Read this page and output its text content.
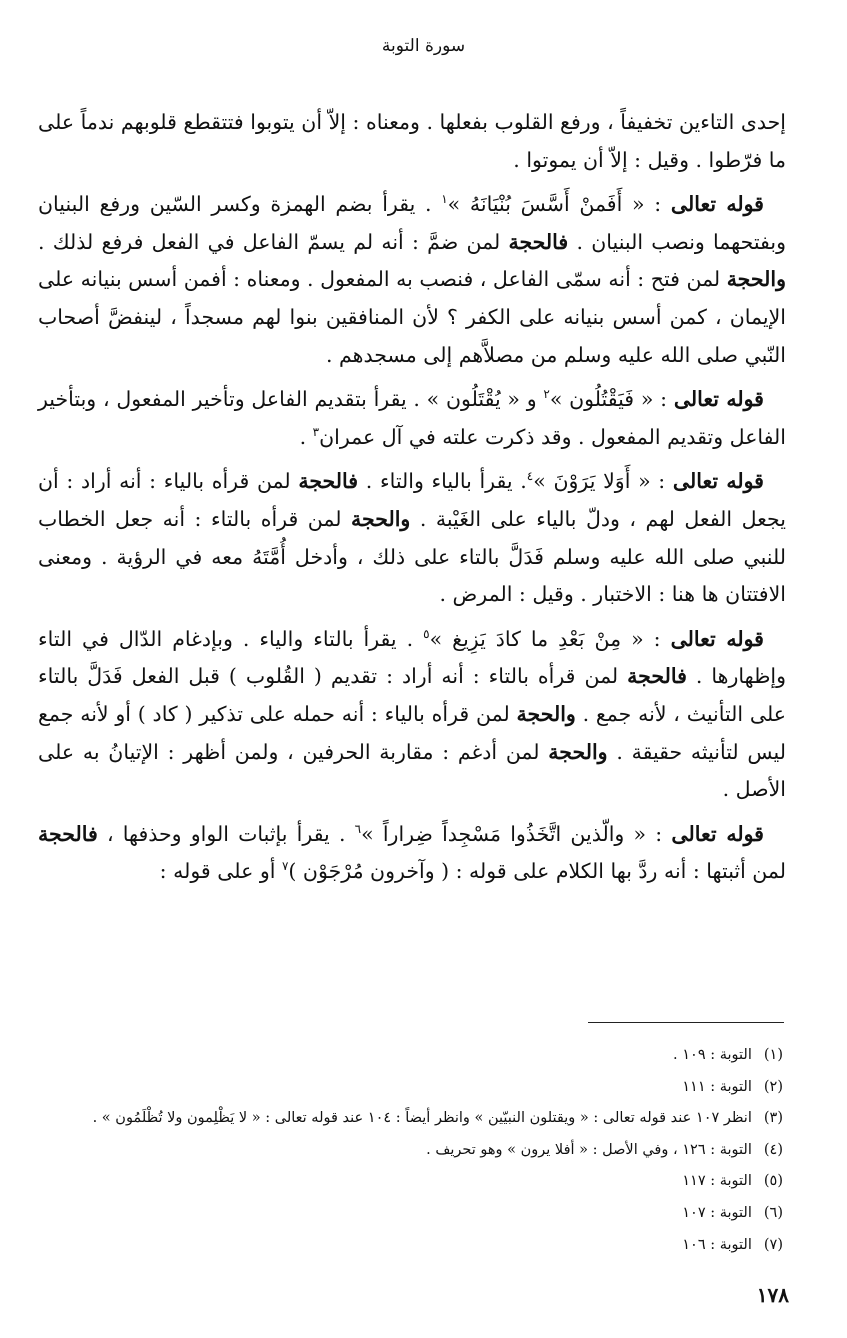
سورة التوبة

إحدى التاءين تخفيفاً ، ورفع القلوب بفعلها . ومعناه : إلاّ أن يتوبوا فتتقطع قلوبهم ندماً على ما فرّطوا . وقيل : إلاّ أن يموتوا .

قوله تعالى : « أَفَمنْ أَسَّسَ بُنْيَانَهُ »$^١$ . يقرأ بضم الهمزة وكسر السّين ورفع البنيان وبفتحهما ونصب البنيان . فالحجة لمن ضمَّ : أنه لم يسمّ الفاعل في الفعل فرفع لذلك . والحجة لمن فتح : أنه سمّى الفاعل ، فنصب به المفعول . ومعناه : أفمن أسس بنيانه على الإيمان ، كمن أسس بنيانه على الكفر ؟ لأن المنافقين بنوا لهم مسجداً ، لينفضَّ أصحاب النّبي صلى الله عليه وسلم من مصلاَّهم إلى مسجدهم .

قوله تعالى : « فَيَقْتُلُون »$^٢$ و « يُقْتَلُون » . يقرأ بتقديم الفاعل وتأخير المفعول ، وبتأخير الفاعل وتقديم المفعول . وقد ذكرت علته في آل عمران$^٣$ .

قوله تعالى : « أَوَلا يَرَوْنَ »$^٤$. يقرأ بالياء والتاء . فالحجة لمن قرأه بالياء : أنه أراد : أن يجعل الفعل لهم ، ودلّ بالياء على الغَيْبة . والحجة لمن قرأه بالتاء : أنه جعل الخطاب للنبي صلى الله عليه وسلم فَدَلَّ بالتاء على ذلك ، وأدخل أُمَّتَهُ معه في الرؤية . ومعنى الافتتان ها هنا : الاختبار . وقيل : المرض .

قوله تعالى : « مِنْ بَعْدِ ما كادَ يَزِيغ »$^٥$ . يقرأ بالتاء والياء . وبإدغام الدّال في التاء وإظهارها . فالحجة لمن قرأه بالتاء : أنه أراد : تقديم ( القُلوب ) قبل الفعل فَدَلَّ بالتاء على التأنيث ، لأنه جمع . والحجة لمن قرأه بالياء : أنه حمله على تذكير ( كاد ) أو لأنه جمع ليس لتأنيثه حقيقة . والحجة لمن أدغم : مقاربة الحرفين ، ولمن أظهر : الإتيانُ به على الأصل .

قوله تعالى : « والّذين اتَّخَذُوا مَسْجِداً ضِراراً »$^٦$ . يقرأ بإثبات الواو وحذفها ، فالحجة لمن أثبتها : أنه ردَّ بها الكلام على قوله : ( وآخرون مُرْجَوْن )$^٧$ أو على قوله :

(١)التوبة : ١٠٩ .
(٢)التوبة : ١١١
(٣)انظر ١٠٧ عند قوله تعالى : « ويقتلون النبيّين » وانظر أيضاً : ١٠٤ عند قوله تعالى : « لا يَظْلِمون ولا تُظْلَمُون » .
(٤)التوبة : ١٢٦ ، وفي الأصل : « أفلا يرون » وهو تحريف .
(٥)التوبة : ١١٧
(٦)التوبة : ١٠٧
(٧)التوبة : ١٠٦
١٧٨
